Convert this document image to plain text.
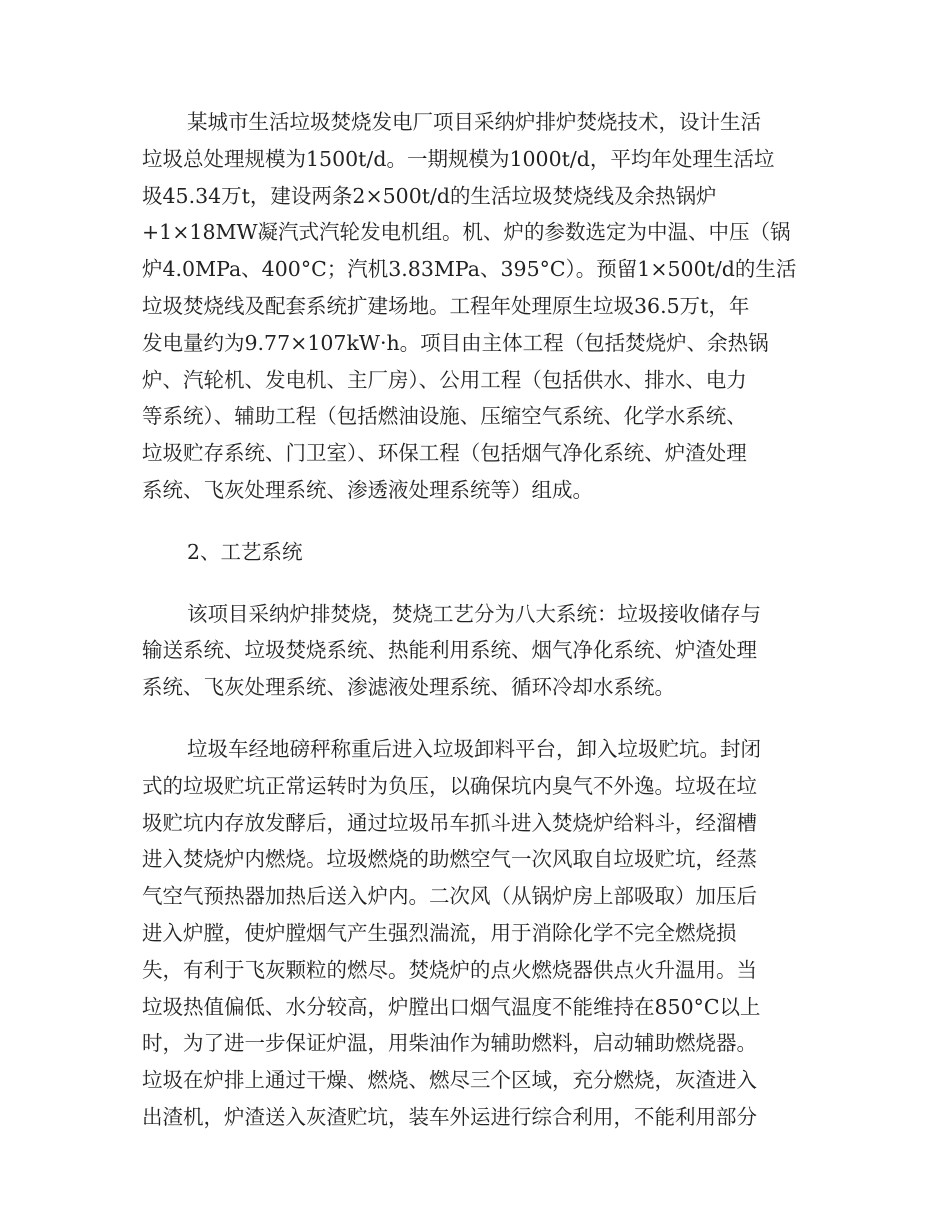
某城市生活垃圾焚烧发电厂项目采纳炉排炉焚烧技术，设计生活
垃圾总处理规模为1500t/d。一期规模为1000t/d，平均年处理生活垃
圾45.34万t，建设两条2×500t/d的生活垃圾焚烧线及余热锅炉
+1×18MW凝汽式汽轮发电机组。机、炉的参数选定为中温、中压（锅
炉4.0MPa、400°C；汽机3.83MPa、395°C）。预留1×500t/d的生活
垃圾焚烧线及配套系统扩建场地。工程年处理原生垃圾36.5万t，年
发电量约为9.77×107kW·h。项目由主体工程（包括焚烧炉、余热锅
炉、汽轮机、发电机、主厂房）、公用工程（包括供水、排水、电力
等系统）、辅助工程（包括燃油设施、压缩空气系统、化学水系统、
垃圾贮存系统、门卫室）、环保工程（包括烟气净化系统、炉渣处理
系统、飞灰处理系统、渗透液处理系统等）组成。
2、工艺系统
该项目采纳炉排焚烧，焚烧工艺分为八大系统：垃圾接收储存与
输送系统、垃圾焚烧系统、热能利用系统、烟气净化系统、炉渣处理
系统、飞灰处理系统、渗滤液处理系统、循环冷却水系统。
垃圾车经地磅秤称重后进入垃圾卸料平台，卸入垃圾贮坑。封闭
式的垃圾贮坑正常运转时为负压，以确保坑内臭气不外逸。垃圾在垃
圾贮坑内存放发酵后，通过垃圾吊车抓斗进入焚烧炉给料斗，经溜槽
进入焚烧炉内燃烧。垃圾燃烧的助燃空气一次风取自垃圾贮坑，经蒸
气空气预热器加热后送入炉内。二次风（从锅炉房上部吸取）加压后
进入炉膛，使炉膛烟气产生强烈湍流，用于消除化学不完全燃烧损
失，有利于飞灰颗粒的燃尽。焚烧炉的点火燃烧器供点火升温用。当
垃圾热值偏低、水分较高，炉膛出口烟气温度不能维持在850°C以上
时，为了进一步保证炉温，用柴油作为辅助燃料，启动辅助燃烧器。
垃圾在炉排上通过干燥、燃烧、燃尽三个区域，充分燃烧，灰渣进入
出渣机，炉渣送入灰渣贮坑，装车外运进行综合利用，不能利用部分
